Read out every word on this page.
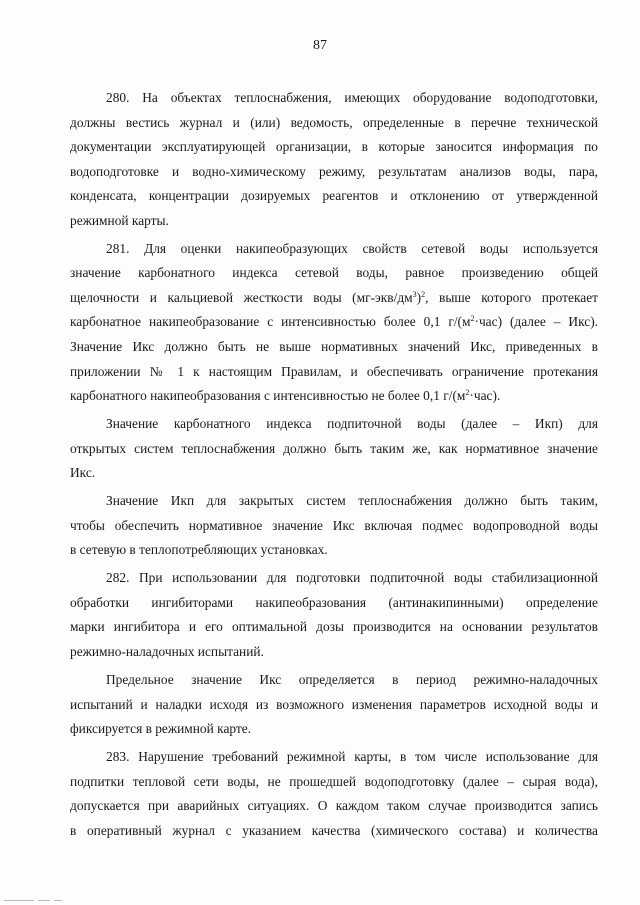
87

280. На объектах теплоснабжения, имеющих оборудование водоподготовки,
должны вестись журнал и (или) ведомость, определенные в перечне технической
документации эксплуатирующей организации, в которые заносится информация по
водоподготовке и водно-химическому режиму, результатам анализов воды, пара,
конденсата, концентрации дозируемых реагентов и отклонению от утвержденной
режимной карты.

281. Для оценки накипеобразующих свойств сетевой воды используется
значение карбонатного индекса сетевой воды, равное произведению общей
щелочности и кальциевой жесткости воды $(мг-экв/дм^3)^2$, выше которого протекает
карбонатное накипеобразование с интенсивностью более 0,1 $г/(м^2\cdot час)$ (далее – Икс).
Значение Икс должно быть не выше нормативных значений Икс, приведенных в
приложении № 1 к настоящим Правилам, и обеспечивать ограничение протекания
карбонатного накипеобразования с интенсивностью не более 0,1 $г/(м^2\cdot час)$.

Значение карбонатного индекса подпиточной воды (далее – Икп) для
открытых систем теплоснабжения должно быть таким же, как нормативное значение
Икс.

Значение Икп для закрытых систем теплоснабжения должно быть таким,
чтобы обеспечить нормативное значение Икс включая подмес водопроводной воды
в сетевую в теплопотребляющих установках.

282. При использовании для подготовки подпиточной воды стабилизационной
обработки ингибиторами накипеобразования (антинакипинными) определение
марки ингибитора и его оптимальной дозы производится на основании результатов
режимно-наладочных испытаний.

Предельное значение Икс определяется в период режимно-наладочных
испытаний и наладки исходя из возможного изменения параметров исходной воды и
фиксируется в режимной карте.

283. Нарушение требований режимной карты, в том числе использование для
подпитки тепловой сети воды, не прошедшей водоподготовку (далее – сырая вода),
допускается при аварийных ситуациях. О каждом таком случае производится запись
в оперативный журнал с указанием качества (химического состава) и количества
